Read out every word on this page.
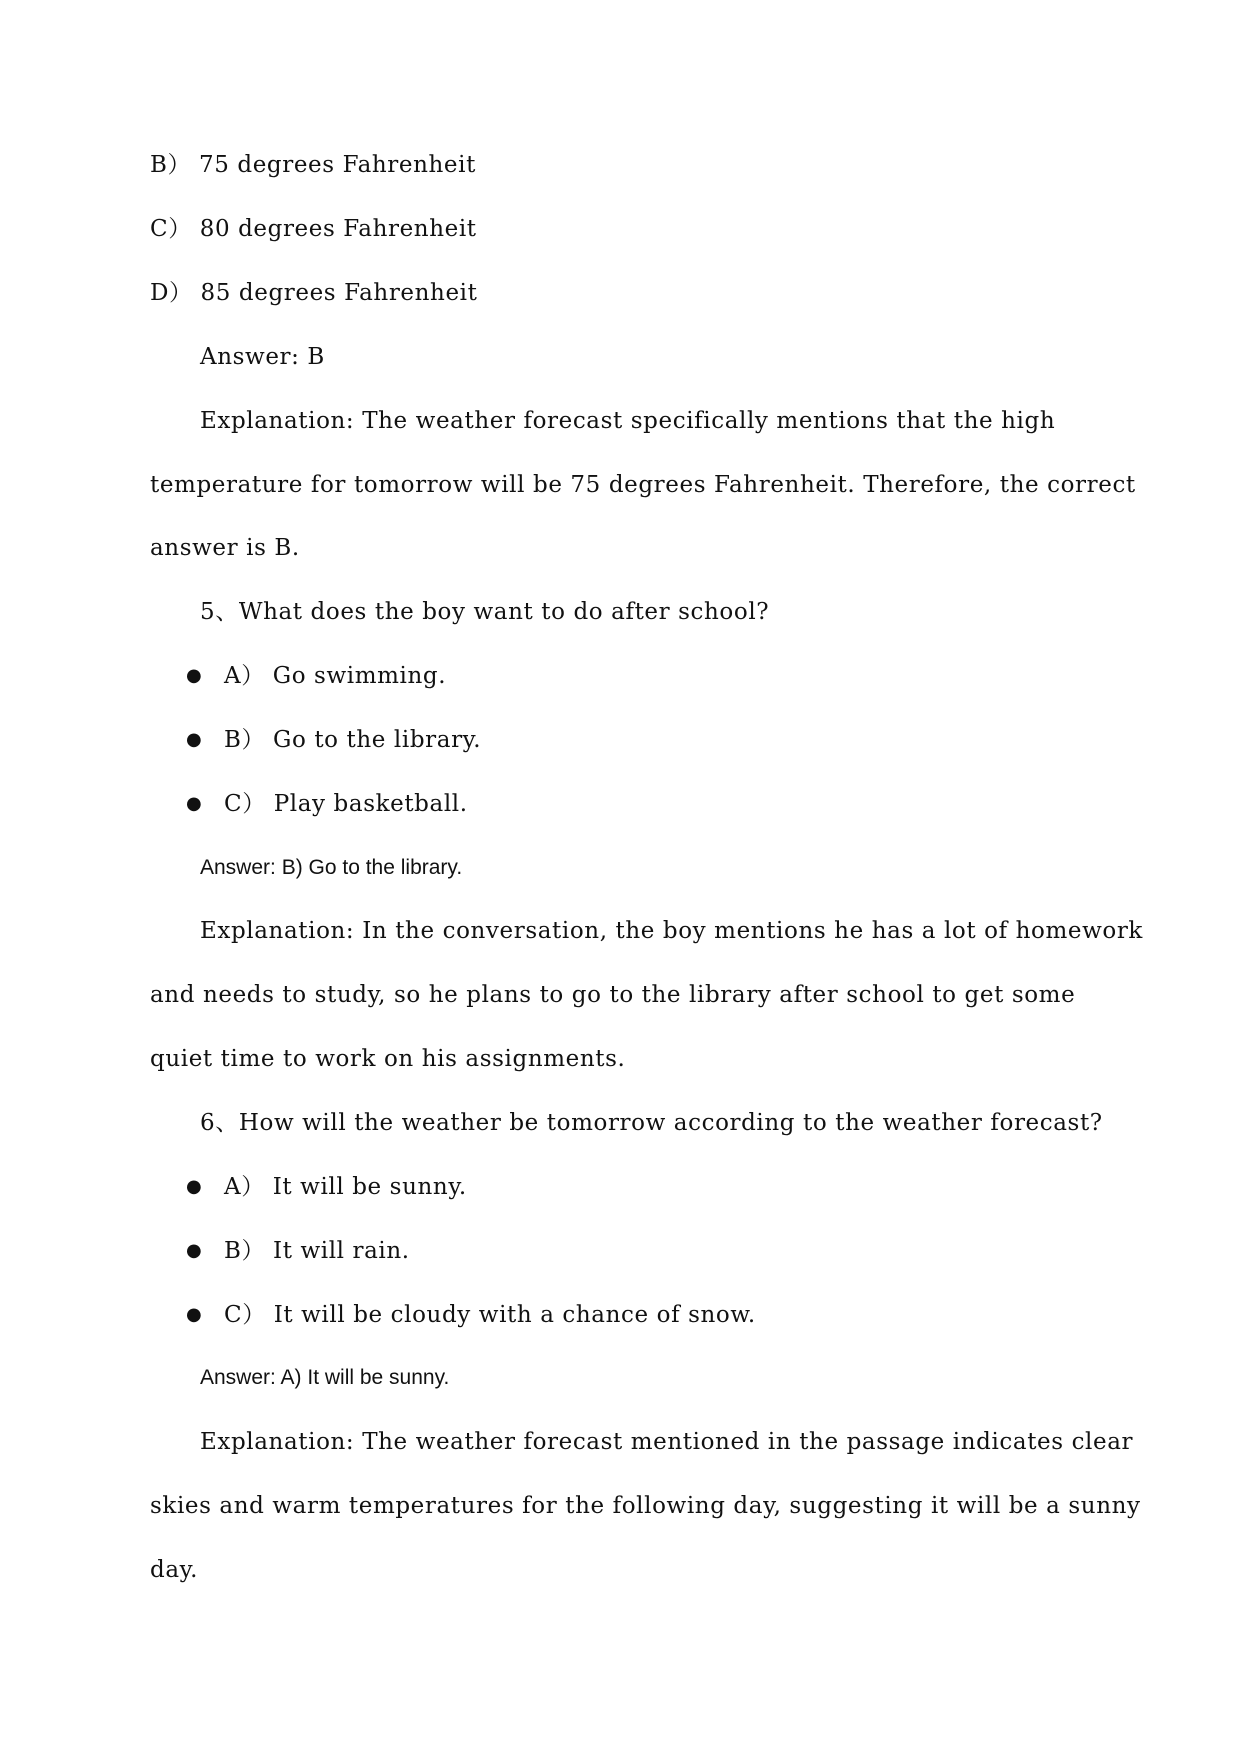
B） 75 degrees Fahrenheit
C） 80 degrees Fahrenheit
D） 85 degrees Fahrenheit
Answer: B
Explanation: The weather forecast specifically mentions that the high
temperature for tomorrow will be 75 degrees Fahrenheit. Therefore, the correct
answer is B.
5、What does the boy want to do after school?
● A） Go swimming.
● B） Go to the library.
● C） Play basketball.
Answer: B) Go to the library.
Explanation: In the conversation, the boy mentions he has a lot of homework
and needs to study, so he plans to go to the library after school to get some
quiet time to work on his assignments.
6、How will the weather be tomorrow according to the weather forecast?
● A） It will be sunny.
● B） It will rain.
● C） It will be cloudy with a chance of snow.
Answer: A) It will be sunny.
Explanation: The weather forecast mentioned in the passage indicates clear
skies and warm temperatures for the following day, suggesting it will be a sunny
day.
